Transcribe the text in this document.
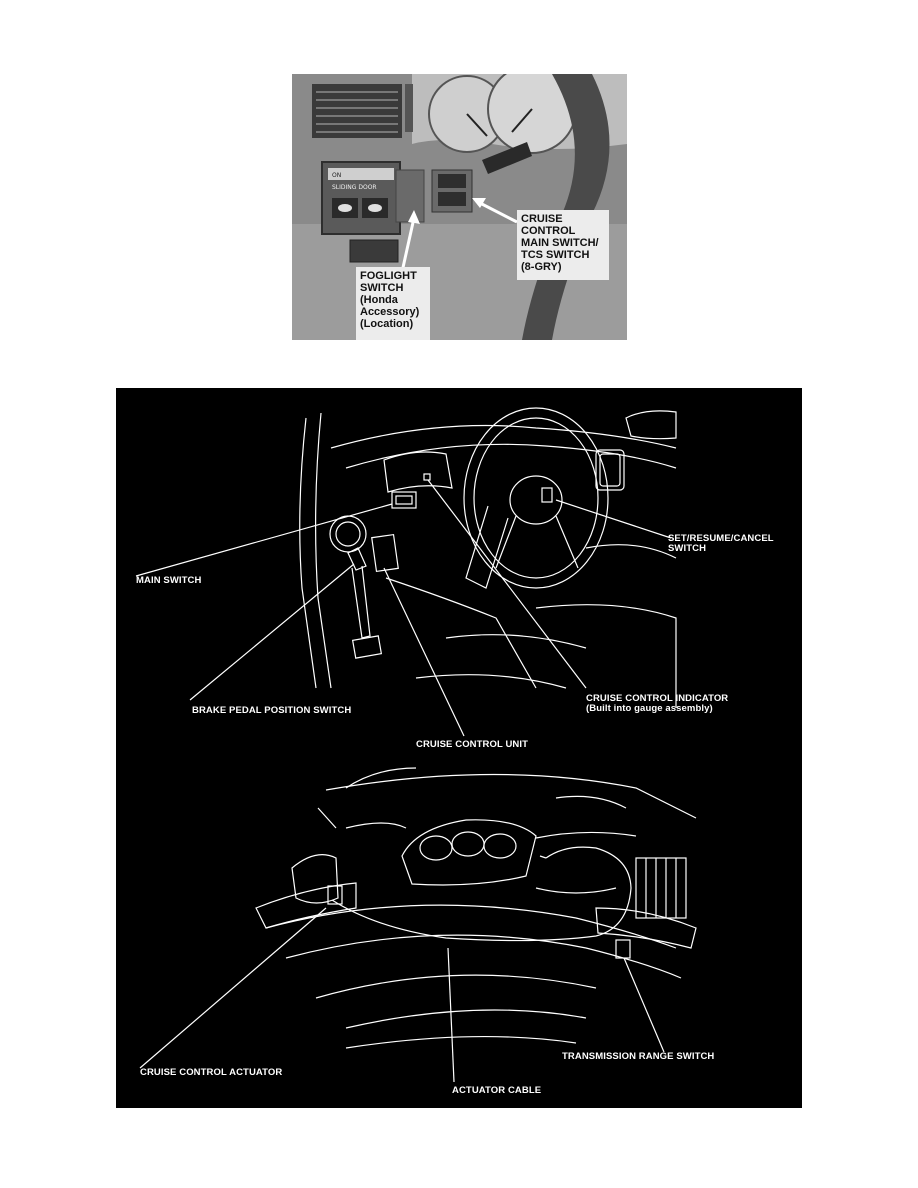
ON
SLIDING DOOR
CRUISE
CONTROL
MAIN SWITCH/
TCS SWITCH
(8-GRY)
FOGLIGHT
SWITCH
(Honda
Accessory)
(Location)
SET/RESUME/CANCEL
SWITCH
MAIN SWITCH
BRAKE PEDAL POSITION SWITCH
CRUISE CONTROL INDICATOR
(Built into gauge assembly)
CRUISE CONTROL UNIT
CRUISE CONTROL ACTUATOR
ACTUATOR CABLE
TRANSMISSION RANGE SWITCH
